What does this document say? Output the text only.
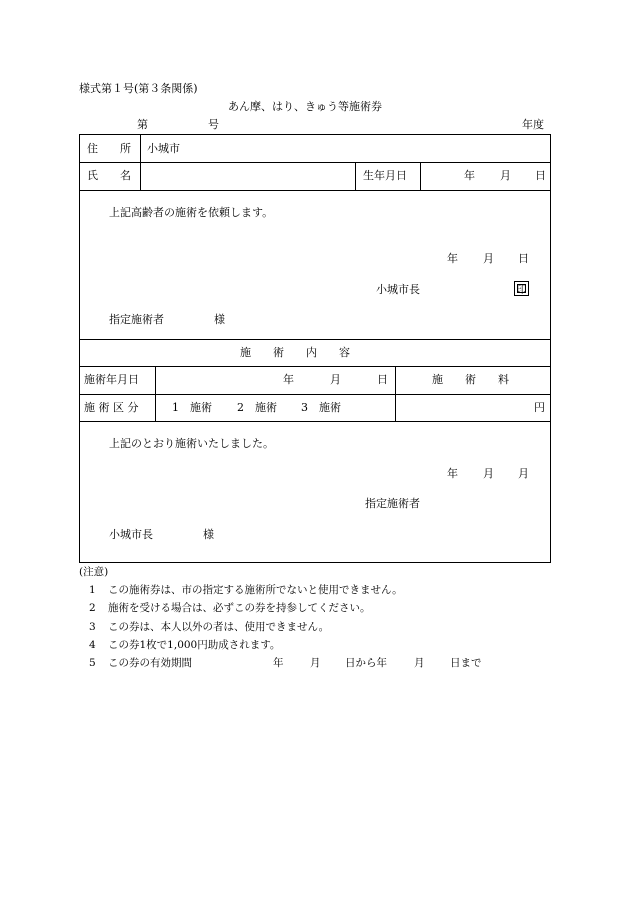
様式第１号(第３条関係)
あん摩、はり、きゅう等施術券
第	号	年度
住　　所 小城市
氏　　名	生年月日	年 月 日
上記高齢者の施術を依頼します。
年 月 日
小城市長	印
指定施術者	様
施　　術　　内　　容
施術年月日	年	月	日	施　　術　　料
施 術 区 分	1　施術 2　施術 3　施術	円
上記のとおり施術いたしました。
年 月 月
指定施術者
小城市長	様
(注意)
1 この施術券は、市の指定する施術所でないと使用できません。
2 施術を受ける場合は、必ずこの券を持参してください。
3 この券は、本人以外の者は、使用できません。
4 この券1枚で1,000円助成されます。
5 この券の有効期間	年	月 日から年	月 日まで
